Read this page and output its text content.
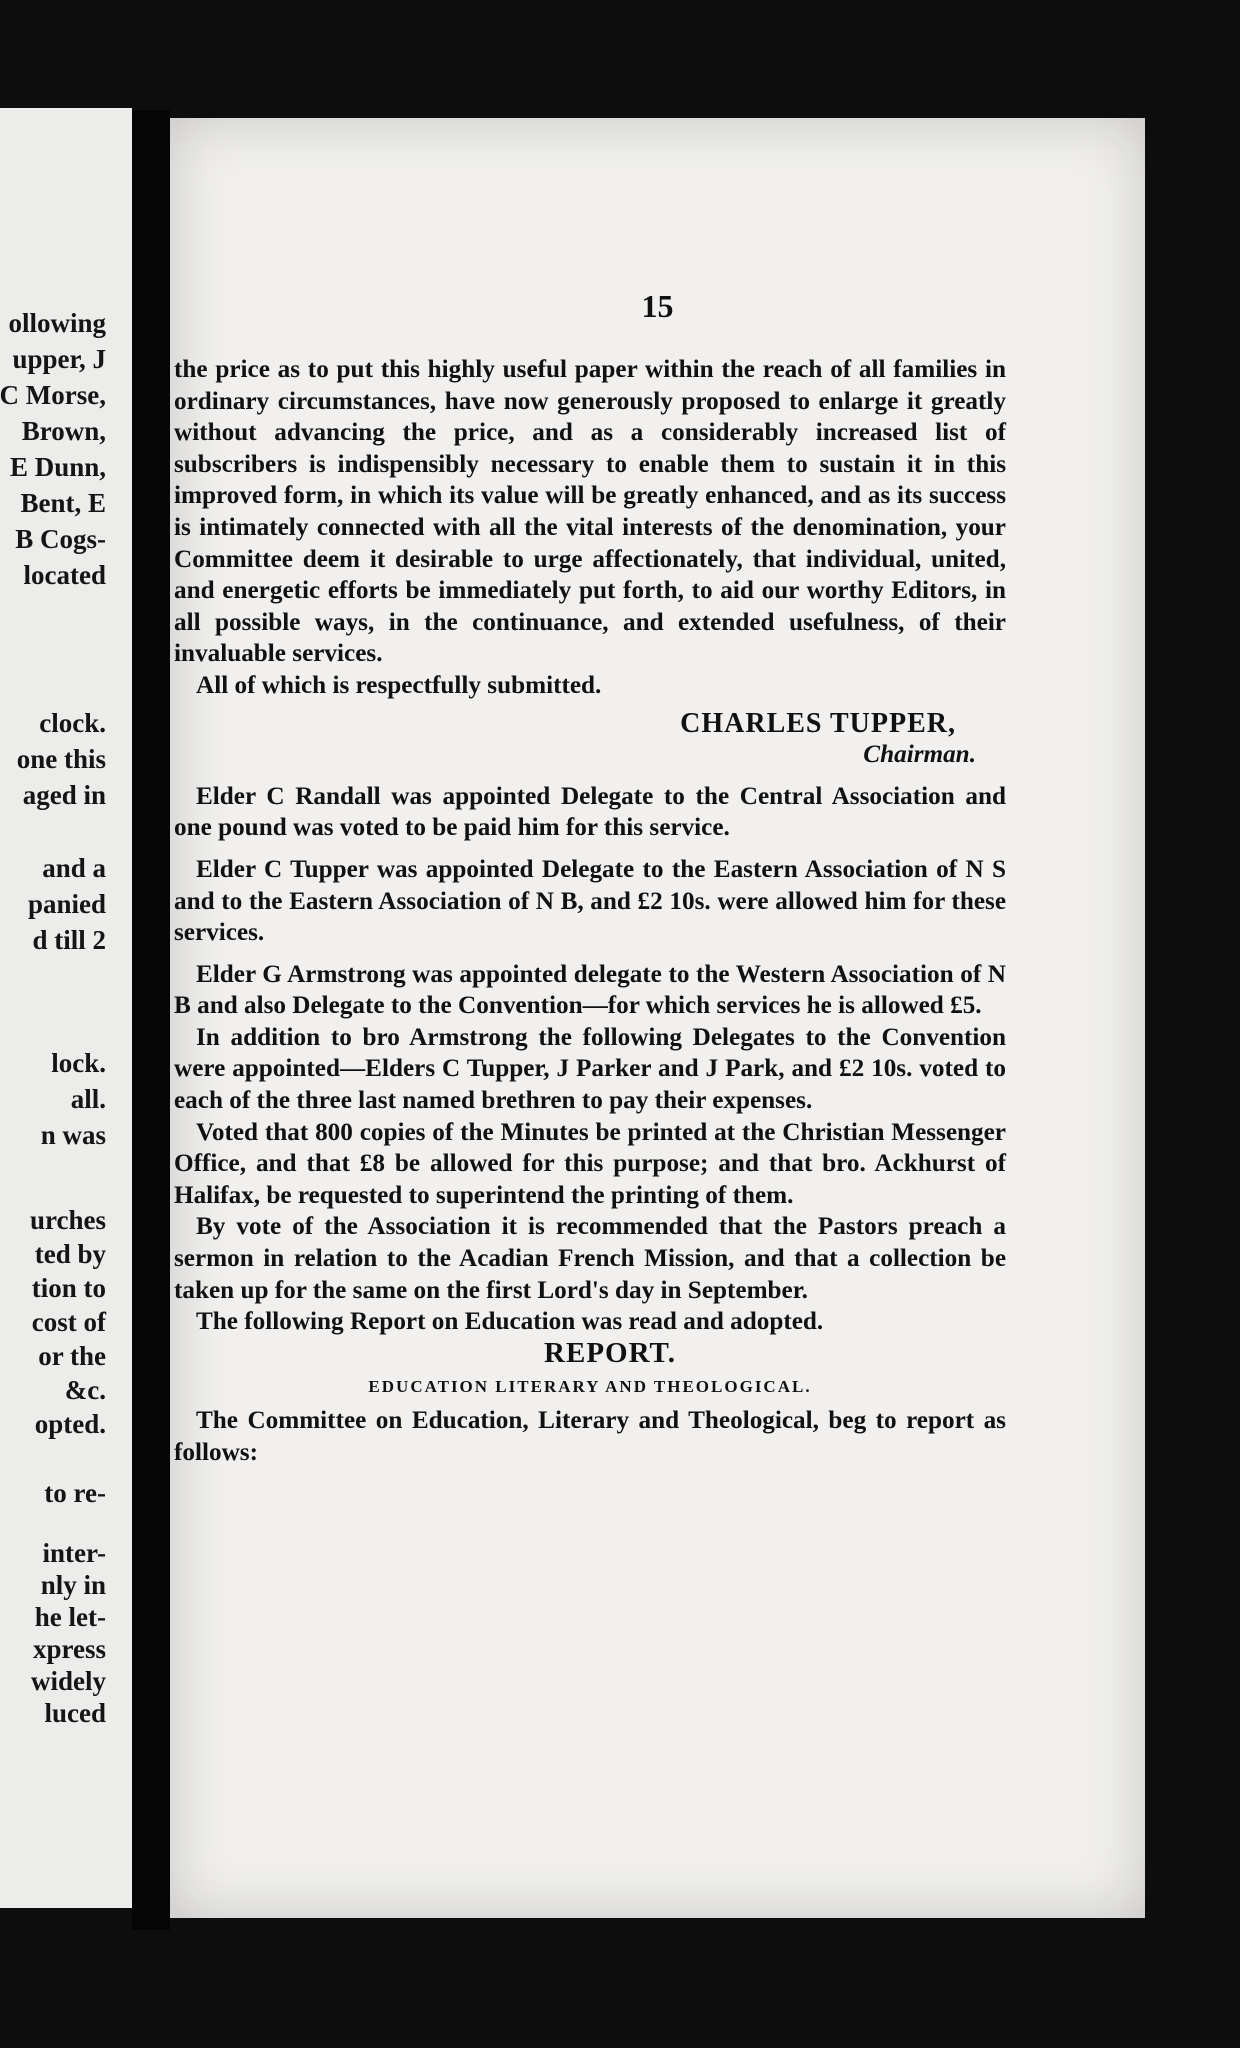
ollowing

upper, J

C Morse,

Brown,

E Dunn,

Bent, E

B Cogs-

located

clock.

one this

aged in

and a

panied

d till 2

lock.

all.

n was

urches

ted by

tion to

cost of

or the

&c.

opted.

to re-

inter-

nly in

he let-

xpress

widely

luced

15

the price as to put this highly useful paper within the reach of all families in ordinary circumstances, have now generously proposed to enlarge it greatly without advancing the price, and as a considerably increased list of subscribers is indispensibly necessary to enable them to sustain it in this improved form, in which its value will be greatly enhanced, and as its success is intimately connected with all the vital interests of the denomination, your Committee deem it desirable to urge affectionately, that individual, united, and energetic efforts be immediately put forth, to aid our worthy Editors, in all possible ways, in the continuance, and extended usefulness, of their invaluable services.

All of which is respectfully submitted.

CHARLES TUPPER,

Chairman.

Elder C Randall was appointed Delegate to the Central Association and one pound was voted to be paid him for this service.

Elder C Tupper was appointed Delegate to the Eastern Association of N S and to the Eastern Association of N B, and £2 10s. were allowed him for these services.

Elder G Armstrong was appointed delegate to the Western Association of N B and also Delegate to the Convention—for which services he is allowed £5.

In addition to bro Armstrong the following Delegates to the Convention were appointed—Elders C Tupper, J Parker and J Park, and £2 10s. voted to each of the three last named brethren to pay their expenses.

Voted that 800 copies of the Minutes be printed at the Christian Messenger Office, and that £8 be allowed for this purpose; and that bro. Ackhurst of Halifax, be requested to superintend the printing of them.

By vote of the Association it is recommended that the Pastors preach a sermon in relation to the Acadian French Mission, and that a collection be taken up for the same on the first Lord's day in September.

The following Report on Education was read and adopted.

REPORT.

EDUCATION LITERARY AND THEOLOGICAL.

The Committee on Education, Literary and Theological, beg to report as follows:
